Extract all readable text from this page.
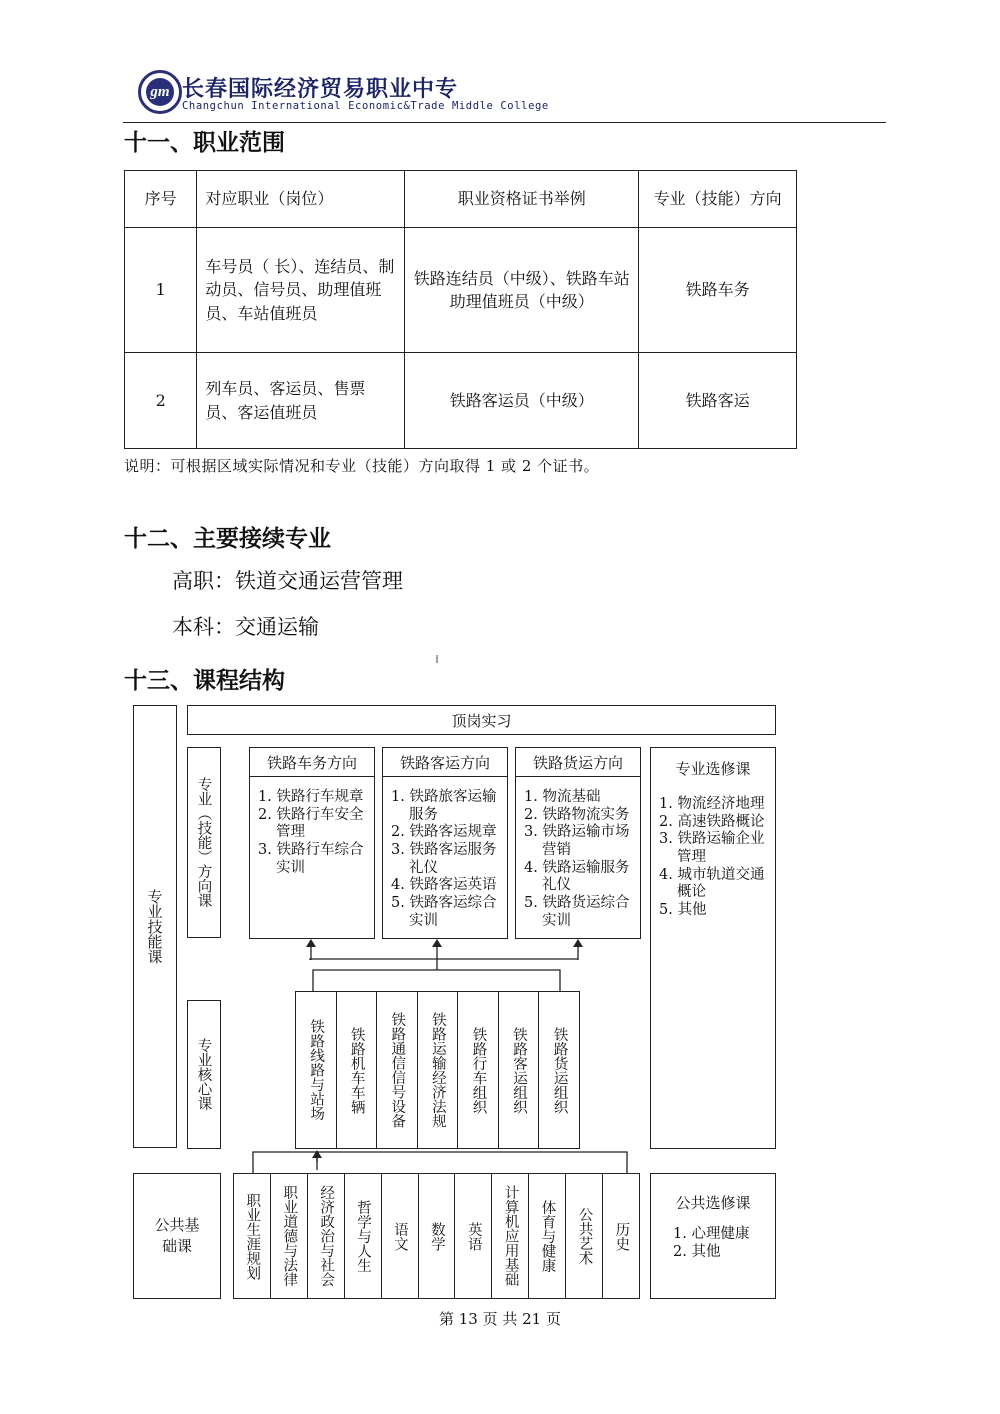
gm 长春国际经济贸易职业中专
Changchun International Economic&Trade Middle College
十一、职业范围
序号	对应职业（岗位）	职业资格证书举例	专业（技能）方向
1	车号员（ 长）、连结员、制动员、信号员、助理值班员、车站值班员	铁路连结员（中级）、铁路车站助理值班员（中级）	铁路车务
2	列车员、客运员、售票员、客运值班员	铁路客运员（中级）	铁路客运
说明：可根据区域实际情况和专业（技能）方向取得 1 或 2 个证书。
十二、主要接续专业
高职：铁道交通运营管理
本科：交通运输
十三、课程结构
专业技能课
顶岗实习
专业（技能）方向课
铁路车务方向
1. 铁路行车规章
2. 铁路行车安全管理
3. 铁路行车综合实训
铁路客运方向
1. 铁路旅客运输服务
2. 铁路客运规章
3. 铁路客运服务礼仪
4. 铁路客运英语
5. 铁路客运综合实训
铁路货运方向
1. 物流基础
2. 铁路物流实务
3. 铁路运输市场营销
4. 铁路运输服务礼仪
5. 铁路货运综合实训
专业选修课
1. 物流经济地理
2. 高速铁路概论
3. 铁路运输企业管理
4. 城市轨道交通概论
5. 其他
专业核心课	铁路线路与站场	铁路机车车辆	铁路通信信号设备	铁路运输经济法规	铁路行车组织	铁路客运组织	铁路货运组织
公共基础课	职业生涯规划	职业道德与法律	经济政治与社会	哲学与人生	语文	数学	英语	计算机应用基础	体育与健康	公共艺术	历史
公共选修课
1. 心理健康
2. 其他
第 13 页 共 21 页
